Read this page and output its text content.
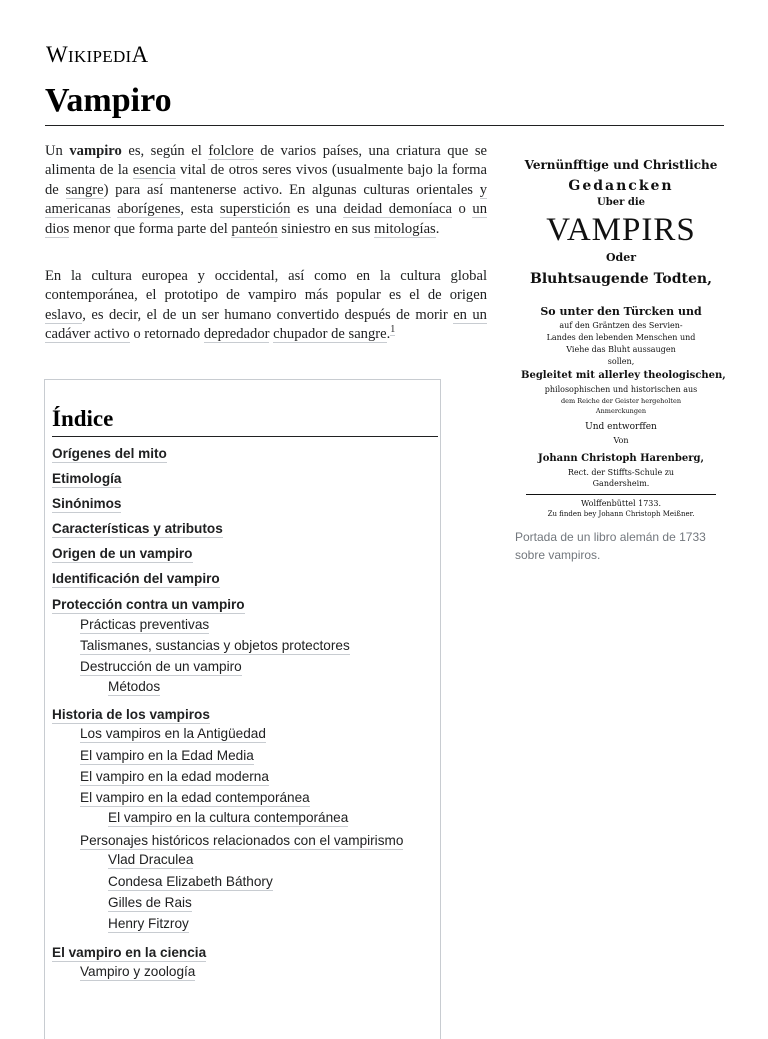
WIKIPEDIA
Vampiro

Un vampiro es, según el folclore de varios países, una criatura que se alimenta de la esencia vital de otros seres vivos (usualmente bajo la forma de sangre) para así mantenerse activo. En algunas culturas orientales y americanas aborígenes, esta superstición es una deidad demoníaca o un dios menor que forma parte del panteón siniestro en sus mitologías.

En la cultura europea y occidental, así como en la cultura global contemporánea, el prototipo de vampiro más popular es el de origen eslavo, es decir, el de un ser humano convertido después de morir en un cadáver activo o retornado depredador chupador de sangre.$^1$

Índice
Orígenes del mito
Etimología
Sinónimos
Características y atributos
Origen de un vampiro
Identificación del vampiro
Protección contra un vampiro
Prácticas preventivas
Talismanes, sustancias y objetos protectores
Destrucción de un vampiro
Métodos
Historia de los vampiros
Los vampiros en la Antigüedad
El vampiro en la Edad Media
El vampiro en la edad moderna
El vampiro en la edad contemporánea
El vampiro en la cultura contemporánea
Personajes históricos relacionados con el vampirismo
Vlad Draculea
Condesa Elizabeth Báthory
Gilles de Rais
Henry Fitzroy
El vampiro en la ciencia
Vampiro y zoología
Vernünfftige und Christliche
Gedancken
Uber die
VAMPIRS
Oder
Bluhtsaugende Todten,
So unter den Türcken und
auf den Gräntzen des Servien-
Landes den lebenden Menschen und
Viehe das Bluht aussaugen
sollen,
Begleitet mit allerley theologischen,
philosophischen und historischen aus
dem Reiche der Geister hergeholten
Anmerckungen
Und entworffen
Von
Johann Christoph Harenberg,
Rect. der Stiffts-Schule zu
Gandersheim.
Wolffenbüttel 1733.
Zu finden bey Johann Christoph Meißner.
Portada de un libro alemán de 1733 sobre vampiros.
